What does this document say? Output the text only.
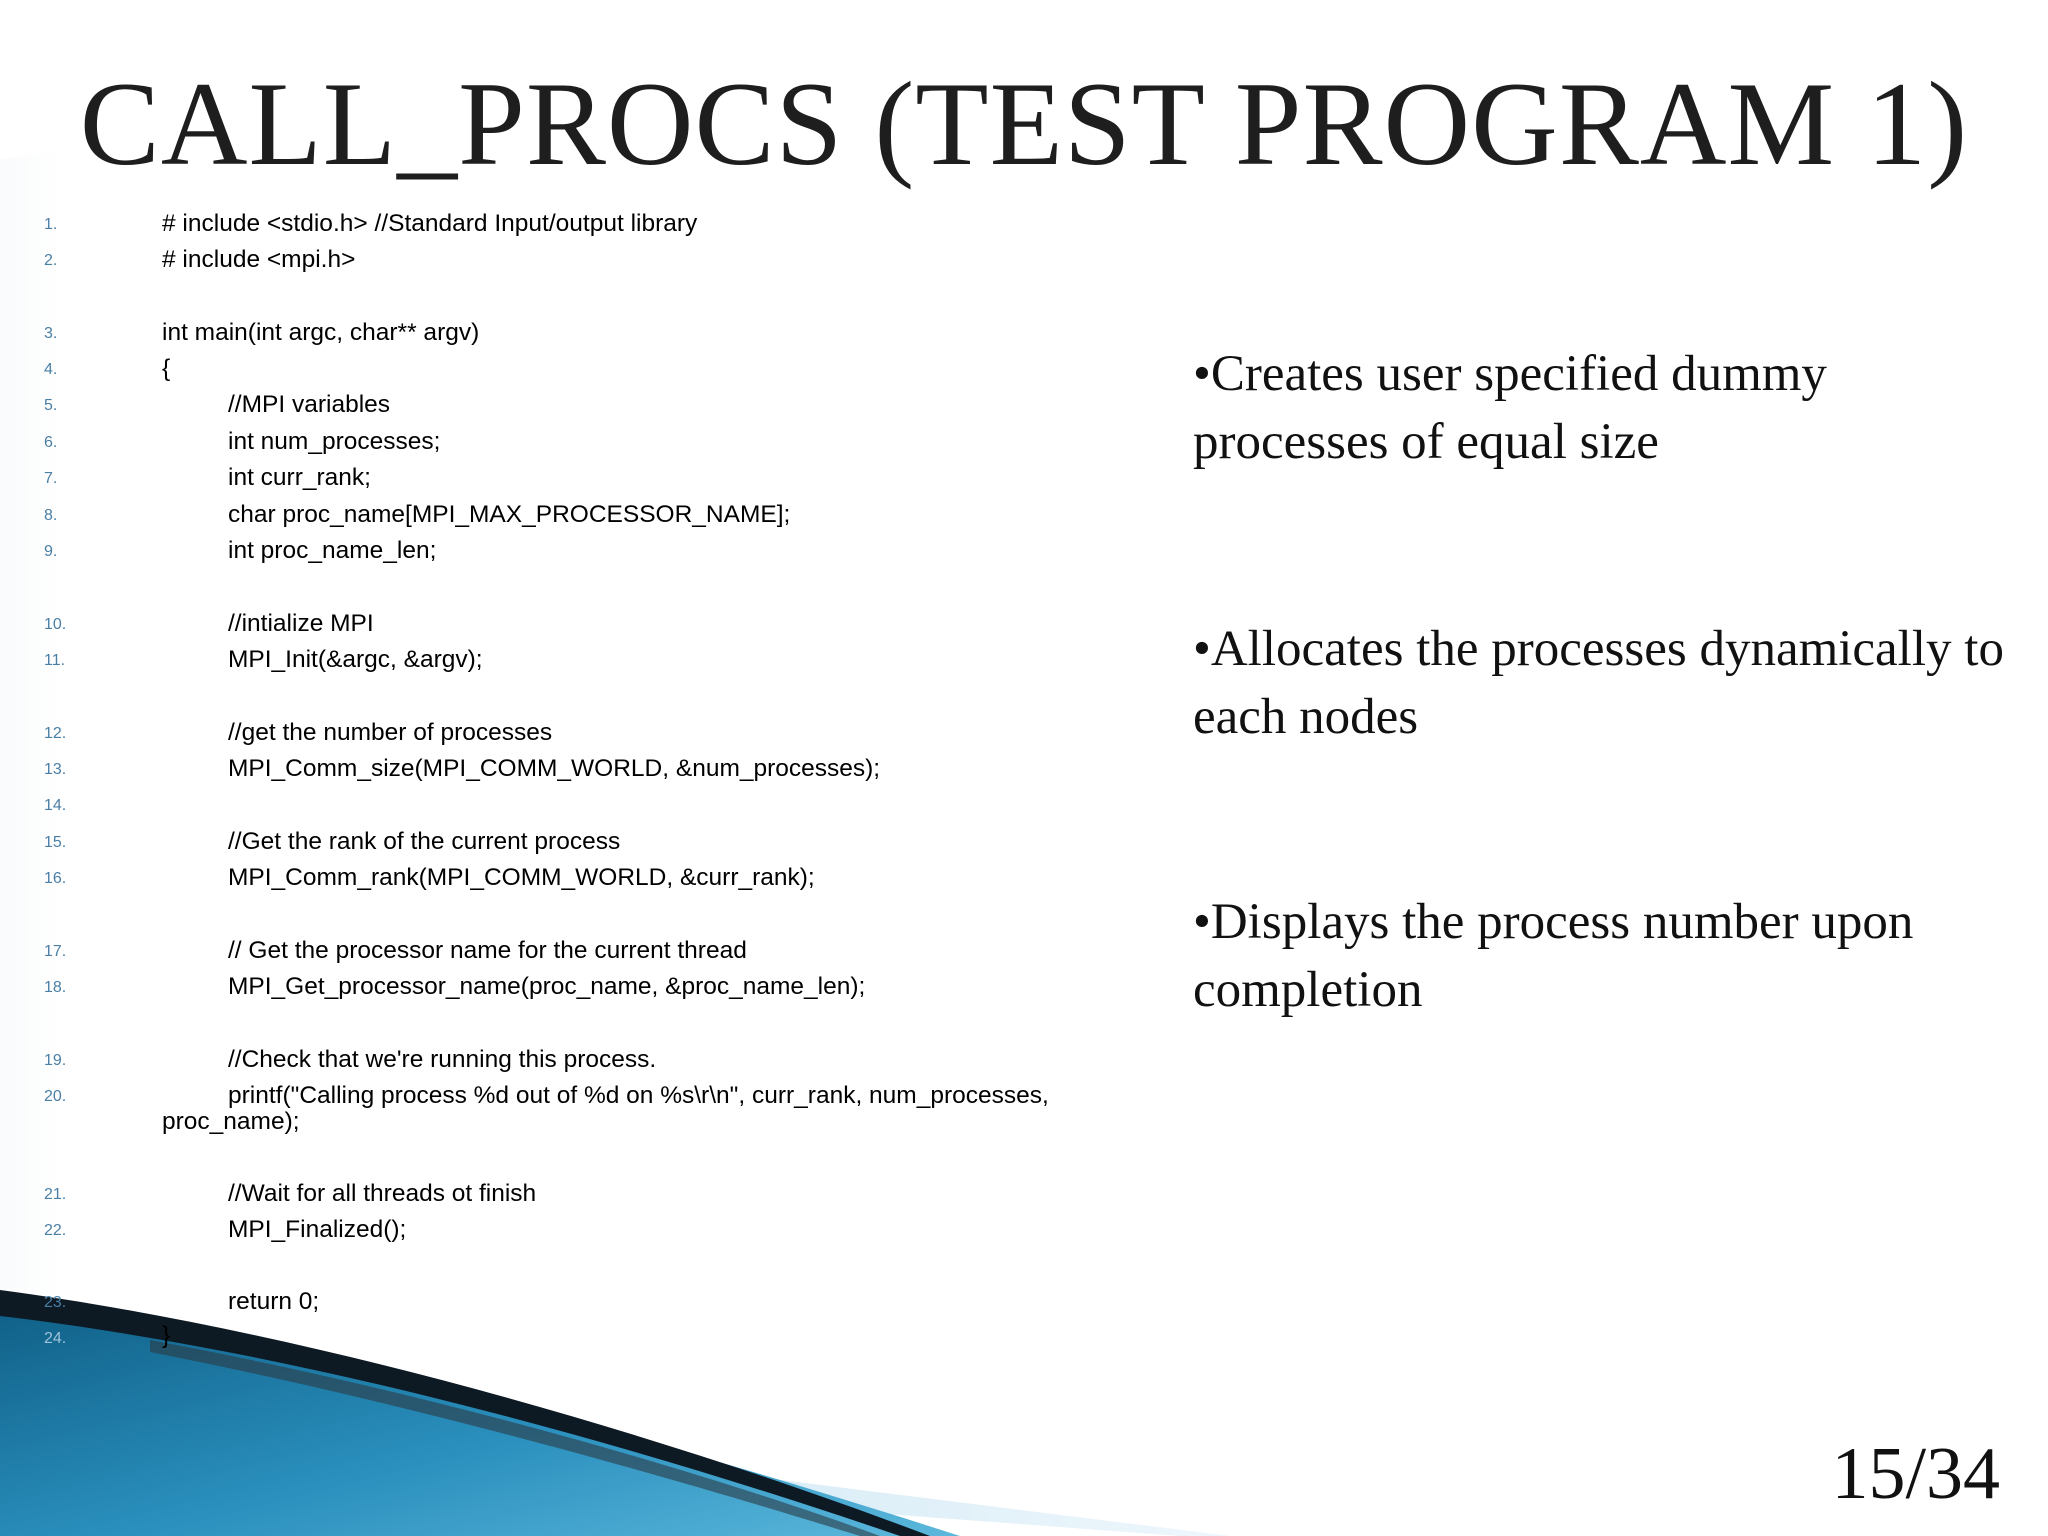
CALL_PROCS (TEST PROGRAM 1)
1.	# include <stdio.h> //Standard Input/output library
2.	# include <mpi.h>
3.	int main(int argc, char** argv)
4.	{
5.	//MPI variables
6.	int num_processes;
7.	int curr_rank;
8.	char proc_name[MPI_MAX_PROCESSOR_NAME];
9.	int proc_name_len;
10.	//intialize MPI
11.	MPI_Init(&argc, &argv);
12.	//get the number of processes
13.	MPI_Comm_size(MPI_COMM_WORLD, &num_processes);
14.
15.	//Get the rank of the current process
16.	MPI_Comm_rank(MPI_COMM_WORLD, &curr_rank);
17.	// Get the processor name for the current thread
18.	MPI_Get_processor_name(proc_name, &proc_name_len);
19.	//Check that we're running this process.
20.	printf("Calling process %d out of %d on %s\r\n", curr_rank, num_processes,
proc_name);
21.	//Wait for all threads ot finish
22.	MPI_Finalized();
23.	return 0;
24.	}
•Creates user specified dummy processes of equal size
•Allocates the processes dynamically to each nodes
•Displays the process number upon completion
15/34
